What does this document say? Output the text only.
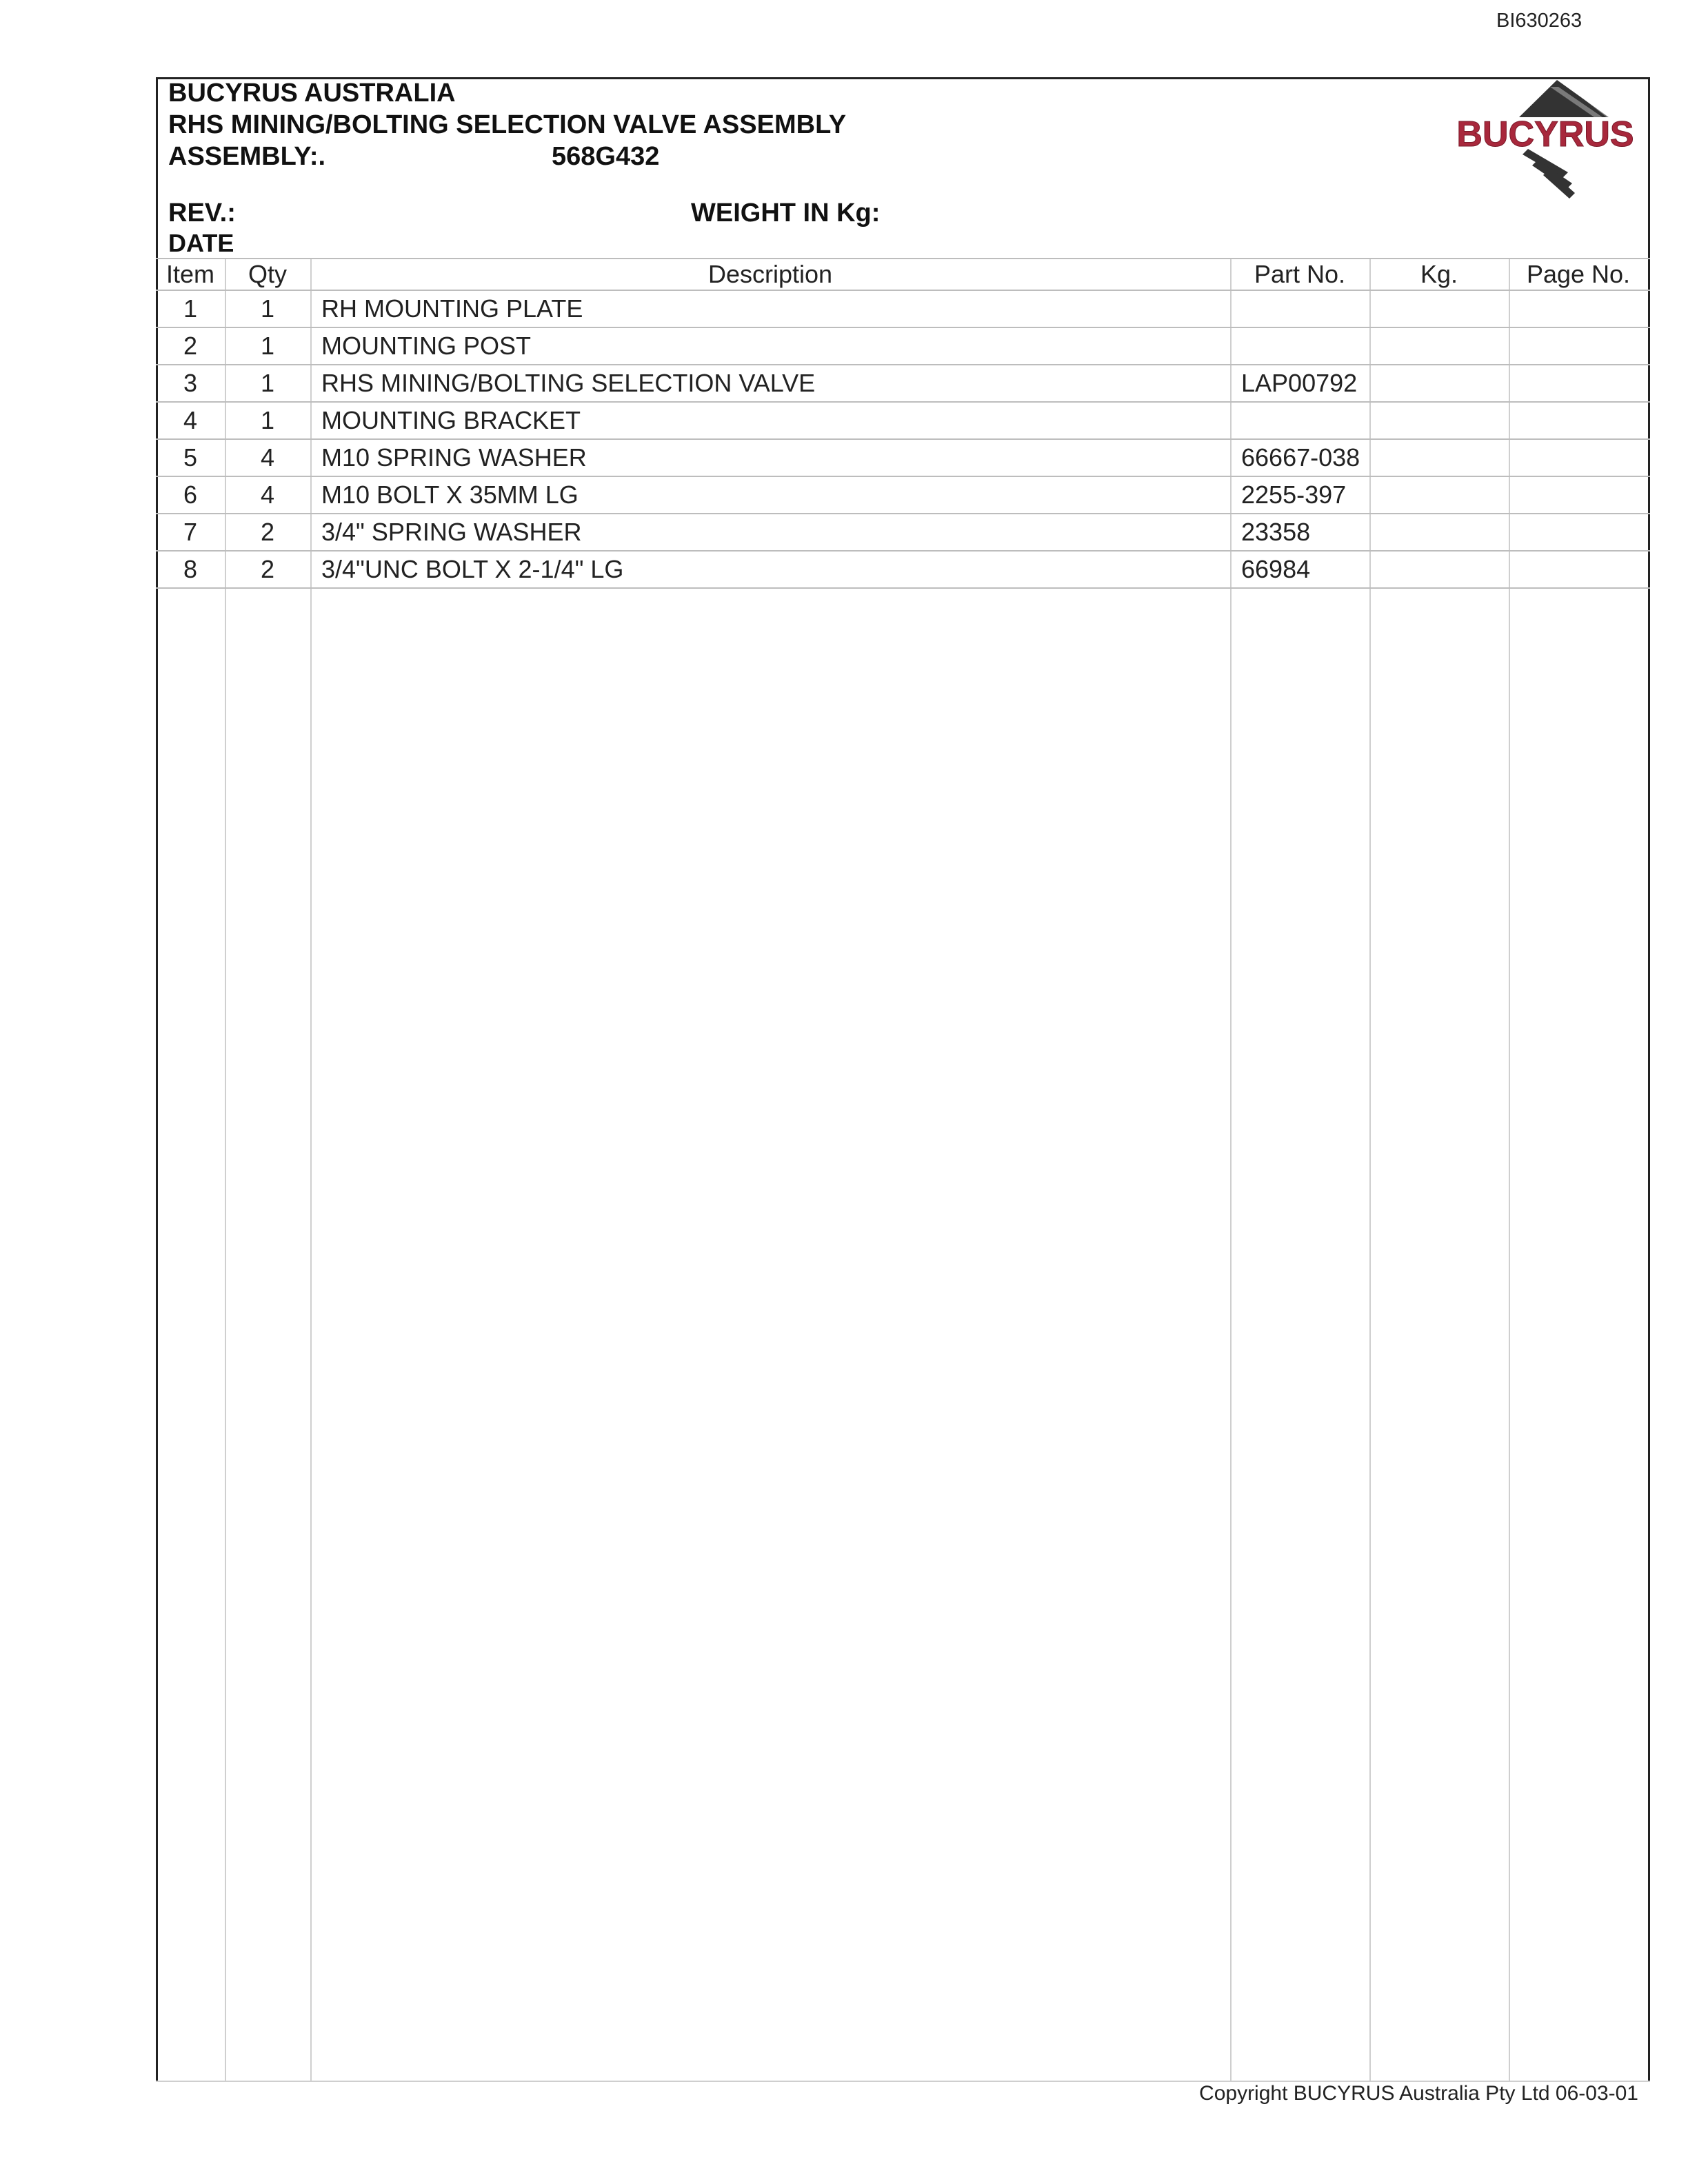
BI630263
BUCYRUS AUSTRALIA
RHS MINING/BOLTING SELECTION VALVE ASSEMBLY
ASSEMBLY:.	568G432
REV.:	WEIGHT IN Kg:
DATE
BUCYRUS
Item	Qty	Description	Part No.	Kg.	Page No.
1	1	RH MOUNTING PLATE
2	1	MOUNTING POST
3	1	RHS MINING/BOLTING SELECTION VALVE	LAP00792
4	1	MOUNTING BRACKET
5	4	M10 SPRING WASHER	66667-038
6	4	M10 BOLT X 35MM LG	2255-397
7	2	3/4" SPRING WASHER	23358
8	2	3/4"UNC BOLT X 2-1/4" LG	66984
Copyright BUCYRUS Australia Pty Ltd 06-03-01
